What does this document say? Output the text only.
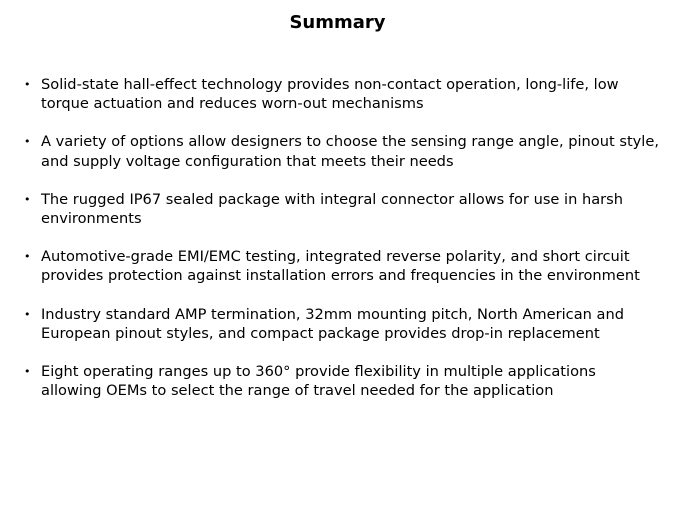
Summary
• Solid-state hall-effect technology provides non-contact operation, long-life, low torque actuation and reduces worn-out mechanisms
• A variety of options allow designers to choose the sensing range angle, pinout style, and supply voltage configuration that meets their needs
• The rugged IP67 sealed package with integral connector allows for use in harsh environments
• Automotive-grade EMI/EMC testing, integrated reverse polarity, and short circuit provides protection against installation errors and frequencies in the environment
• Industry standard AMP termination, 32mm mounting pitch, North American and European pinout styles, and compact package provides drop-in replacement
• Eight operating ranges up to 360° provide flexibility in multiple applications allowing OEMs to select the range of travel needed for the application
